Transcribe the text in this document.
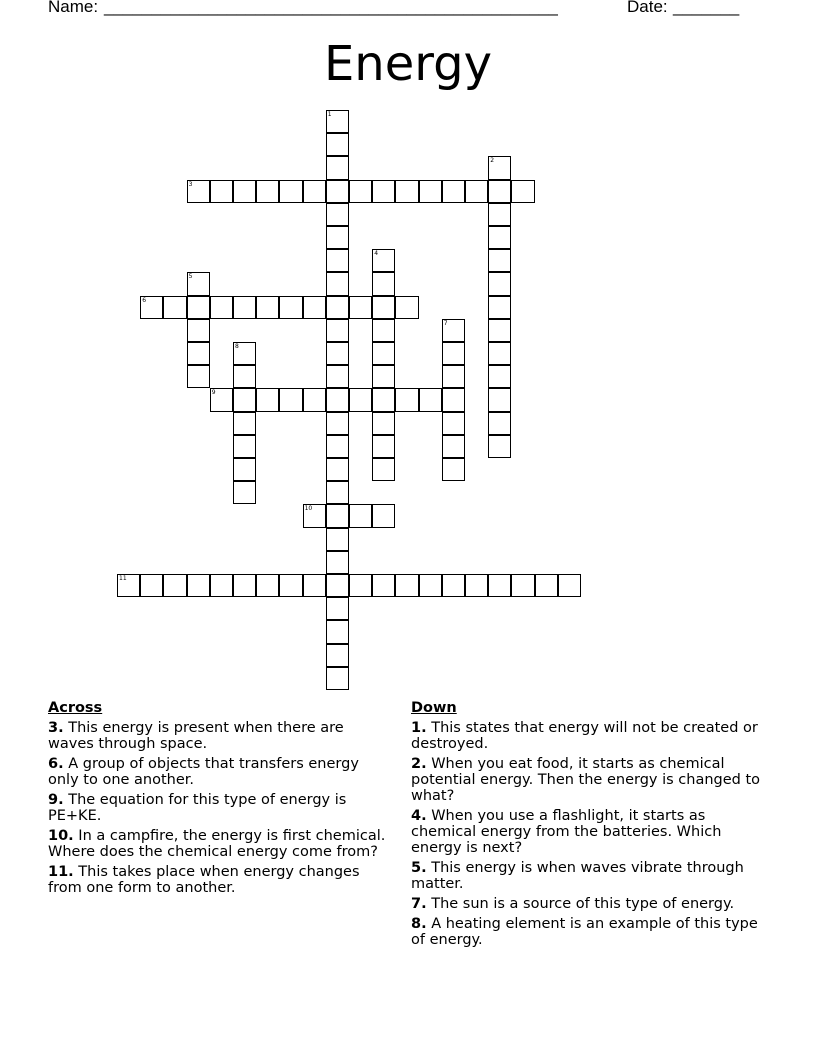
Name: ________________________________________________	Date: _______
Energy
1
2
3
4
5
6
7
8
9
10
11
Across
3. This energy is present when there are waves through space.
6. A group of objects that transfers energy only to one another.
9. The equation for this type of energy is PE+KE.
10. In a campfire, the energy is first chemical. Where does the chemical energy come from?
11. This takes place when energy changes from one form to another.
Down
1. This states that energy will not be created or destroyed.
2. When you eat food, it starts as chemical potential energy. Then the energy is changed to what?
4. When you use a flashlight, it starts as chemical energy from the batteries. Which energy is next?
5. This energy is when waves vibrate through matter.
7. The sun is a source of this type of energy.
8. A heating element is an example of this type of energy.
